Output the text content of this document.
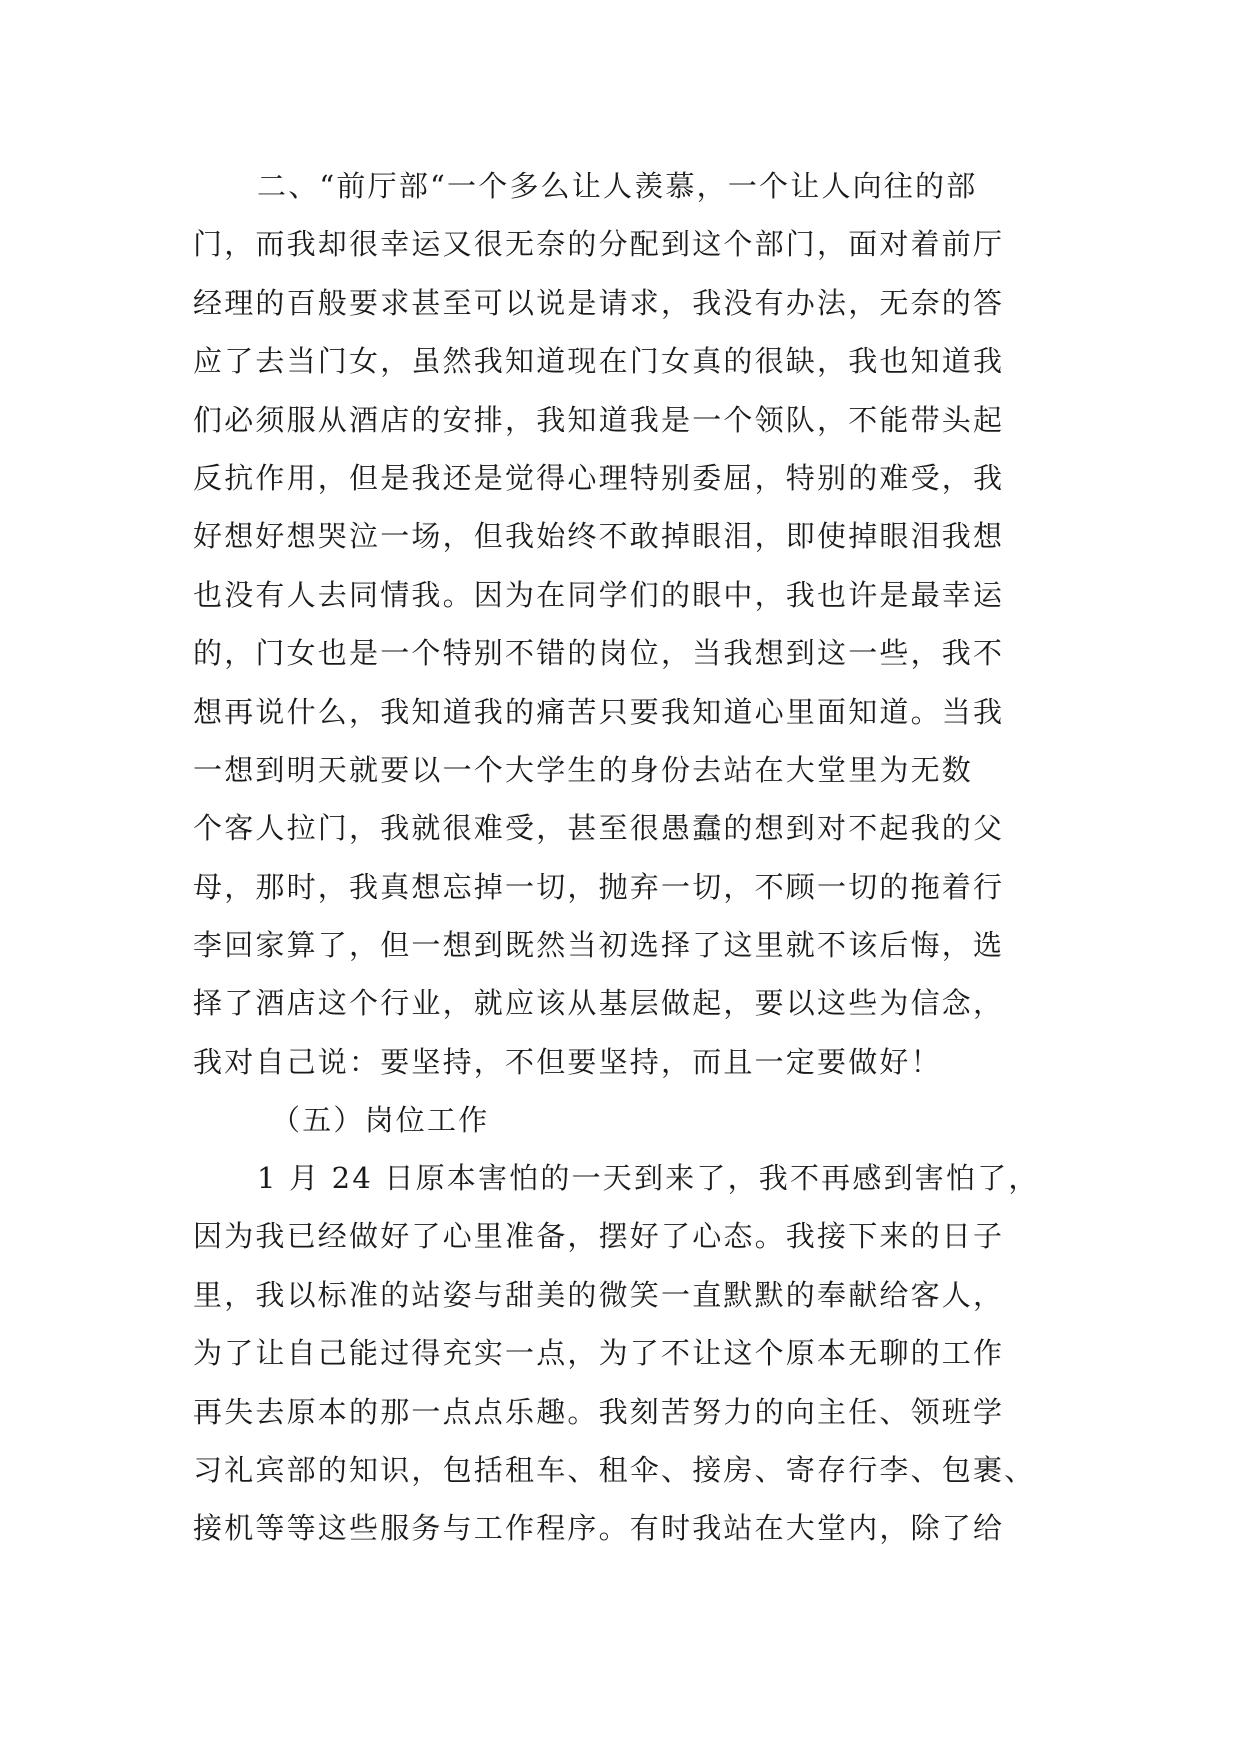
二、“前厅部“一个多么让人羡慕，一个让人向往的部
门，而我却很幸运又很无奈的分配到这个部门，面对着前厅
经理的百般要求甚至可以说是请求，我没有办法，无奈的答
应了去当门女，虽然我知道现在门女真的很缺，我也知道我
们必须服从酒店的安排，我知道我是一个领队，不能带头起
反抗作用，但是我还是觉得心理特别委屈，特别的难受，我
好想好想哭泣一场，但我始终不敢掉眼泪，即使掉眼泪我想
也没有人去同情我。因为在同学们的眼中，我也许是最幸运
的，门女也是一个特别不错的岗位，当我想到这一些，我不
想再说什么，我知道我的痛苦只要我知道心里面知道。当我
一想到明天就要以一个大学生的身份去站在大堂里为无数
个客人拉门，我就很难受，甚至很愚蠢的想到对不起我的父
母，那时，我真想忘掉一切，抛弃一切，不顾一切的拖着行
李回家算了，但一想到既然当初选择了这里就不该后悔，选
择了酒店这个行业，就应该从基层做起，要以这些为信念，
我对自己说：要坚持，不但要坚持，而且一定要做好！
（五）岗位工作
1 月 24 日原本害怕的一天到来了，我不再感到害怕了，
因为我已经做好了心里准备，摆好了心态。我接下来的日子
里，我以标准的站姿与甜美的微笑一直默默的奉献给客人，
为了让自己能过得充实一点，为了不让这个原本无聊的工作
再失去原本的那一点点乐趣。我刻苦努力的向主任、领班学
习礼宾部的知识，包括租车、租伞、接房、寄存行李、包裹、
接机等等这些服务与工作程序。有时我站在大堂内，除了给
